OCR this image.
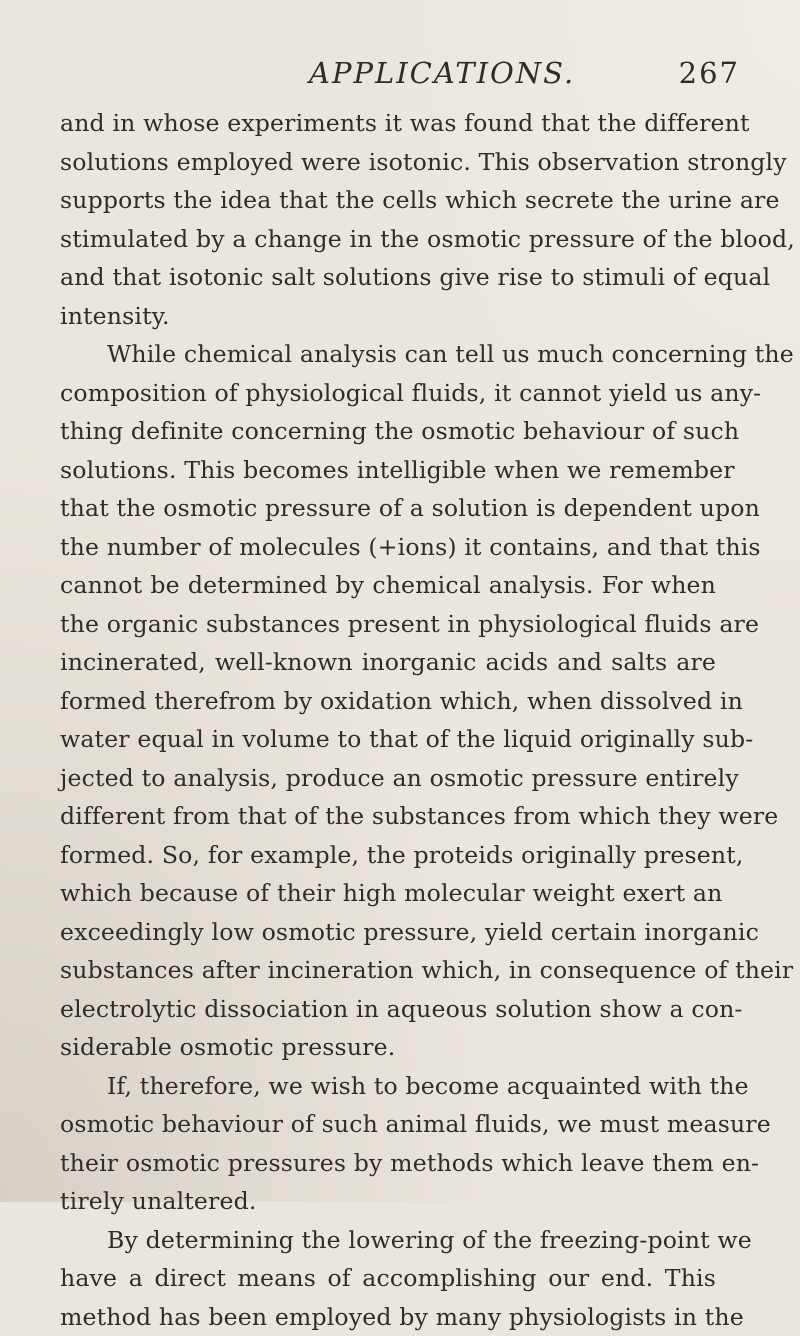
APPLICATIONS.	267
and in whose experiments it was found that the different
solutions employed were isotonic. This observation strongly
supports the idea that the cells which secrete the urine are
stimulated by a change in the osmotic pressure of the blood,
and that isotonic salt solutions give rise to stimuli of equal
intensity.
While chemical analysis can tell us much concerning the
composition of physiological fluids, it cannot yield us any-
thing definite concerning the osmotic behaviour of such
solutions. This becomes intelligible when we remember
that the osmotic pressure of a solution is dependent upon
the number of molecules (+ions) it contains, and that this
cannot be determined by chemical analysis. For when
the organic substances present in physiological fluids are
incinerated, well-known inorganic acids and salts are
formed therefrom by oxidation which, when dissolved in
water equal in volume to that of the liquid originally sub-
jected to analysis, produce an osmotic pressure entirely
different from that of the substances from which they were
formed. So, for example, the proteids originally present,
which because of their high molecular weight exert an
exceedingly low osmotic pressure, yield certain inorganic
substances after incineration which, in consequence of their
electrolytic dissociation in aqueous solution show a con-
siderable osmotic pressure.
If, therefore, we wish to become acquainted with the
osmotic behaviour of such animal fluids, we must measure
their osmotic pressures by methods which leave them en-
tirely unaltered.
By determining the lowering of the freezing-point we
have a direct means of accomplishing our end. This
method has been employed by many physiologists in the
